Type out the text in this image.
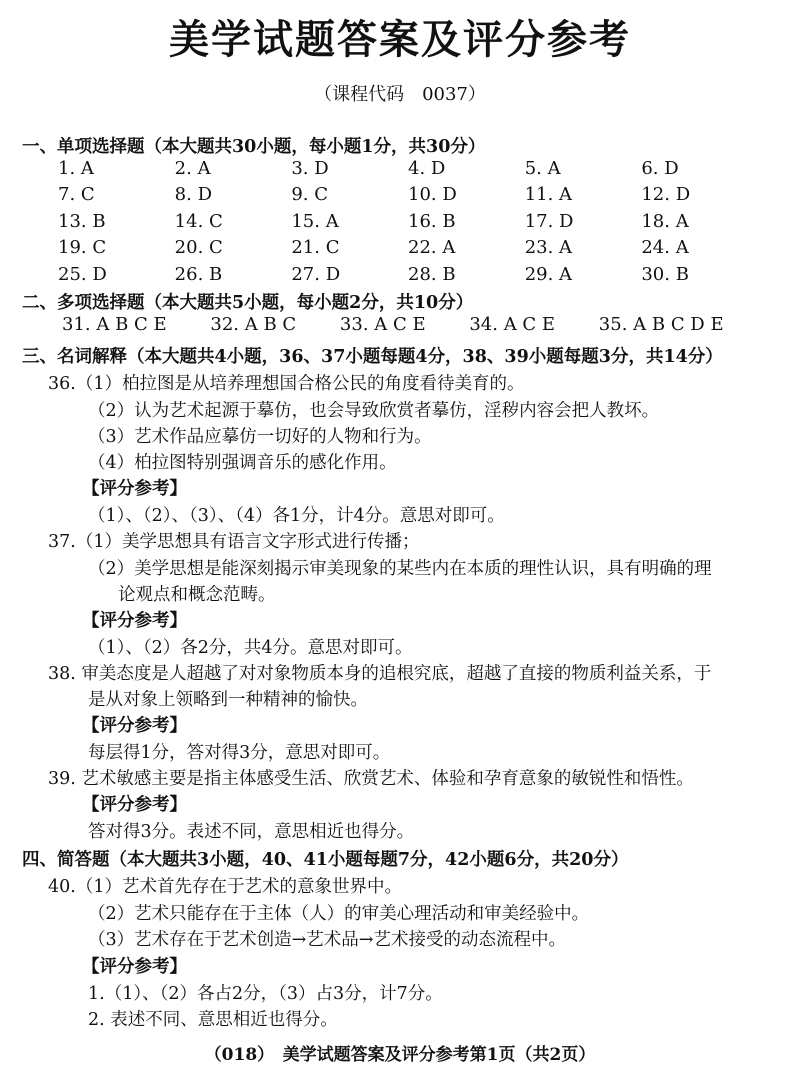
美学试题答案及评分参考
（课程代码　0037）
一、单项选择题（本大题共30小题，每小题1分，共30分）
1. A	2. A	3. D	4. D	5. A	6. D
7. C	8. D	9. C	10. D	11. A	12. D
13. B	14. C	15. A	16. B	17. D	18. A
19. C	20. C	21. C	22. A	23. A	24. A
25. D	26. B	27. D	28. B	29. A	30. B
二、多项选择题（本大题共5小题，每小题2分，共10分）
31. A B C E 32. A B C 33. A C E 34. A C E 35. A B C D E
三、名词解释（本大题共4小题，36、37小题每题4分，38、39小题每题3分，共14分）
36.（1）柏拉图是从培养理想国合格公民的角度看待美育的。
（2）认为艺术起源于摹仿，也会导致欣赏者摹仿，淫秽内容会把人教坏。
（3）艺术作品应摹仿一切好的人物和行为。
（4）柏拉图特别强调音乐的感化作用。
【评分参考】
（1）、（2）、（3）、（4）各1分，计4分。意思对即可。
37.（1）美学思想具有语言文字形式进行传播；
（2）美学思想是能深刻揭示审美现象的某些内在本质的理性认识，具有明确的理
论观点和概念范畴。
【评分参考】
（1）、（2）各2分，共4分。意思对即可。
38. 审美态度是人超越了对对象物质本身的追根究底，超越了直接的物质利益关系，于
是从对象上领略到一种精神的愉快。
【评分参考】
每层得1分，答对得3分，意思对即可。
39. 艺术敏感主要是指主体感受生活、欣赏艺术、体验和孕育意象的敏锐性和悟性。
【评分参考】
答对得3分。表述不同，意思相近也得分。
四、简答题（本大题共3小题，40、41小题每题7分，42小题6分，共20分）
40.（1）艺术首先存在于艺术的意象世界中。
（2）艺术只能存在于主体（人）的审美心理活动和审美经验中。
（3）艺术存在于艺术创造→艺术品→艺术接受的动态流程中。
【评分参考】
1.（1）、（2）各占2分，（3）占3分，计7分。
2. 表述不同、意思相近也得分。
（018）　美学试题答案及评分参考第1页（共2页）
